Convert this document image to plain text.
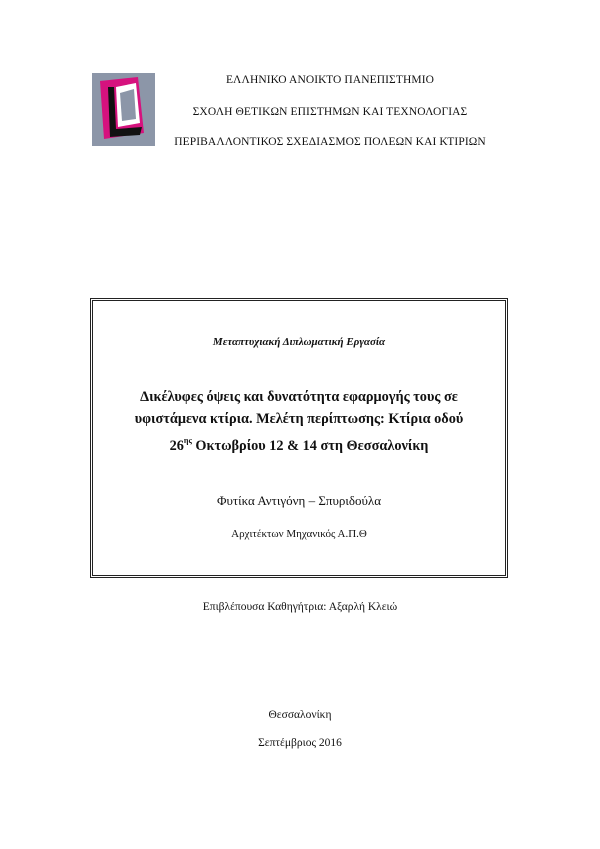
ΕΛΛΗΝΙΚΟ ΑΝΟΙΚΤΟ ΠΑΝΕΠΙΣΤΗΜΙΟ
ΣΧΟΛΗ ΘΕΤΙΚΩΝ ΕΠΙΣΤΗΜΩΝ ΚΑΙ ΤΕΧΝΟΛΟΓΙΑΣ
ΠΕΡΙΒΑΛΛΟΝΤΙΚΟΣ ΣΧΕΔΙΑΣΜΟΣ ΠΟΛΕΩΝ ΚΑΙ ΚΤΙΡΙΩΝ
Μεταπτυχιακή Διπλωματική Εργασία
Δικέλυφες όψεις και δυνατότητα εφαρμογής τους σε
υφιστάμενα κτίρια. Μελέτη περίπτωσης: Κτίρια οδού
$26^{\eta\varsigma}$ Οκτωβρίου 12 & 14 στη Θεσσαλονίκη
Φυτίκα Αντιγόνη – Σπυριδούλα
Αρχιτέκτων Μηχανικός Α.Π.Θ
Επιβλέπουσα Καθηγήτρια: Αξαρλή Κλειώ
Θεσσαλονίκη
Σεπτέμβριος 2016
